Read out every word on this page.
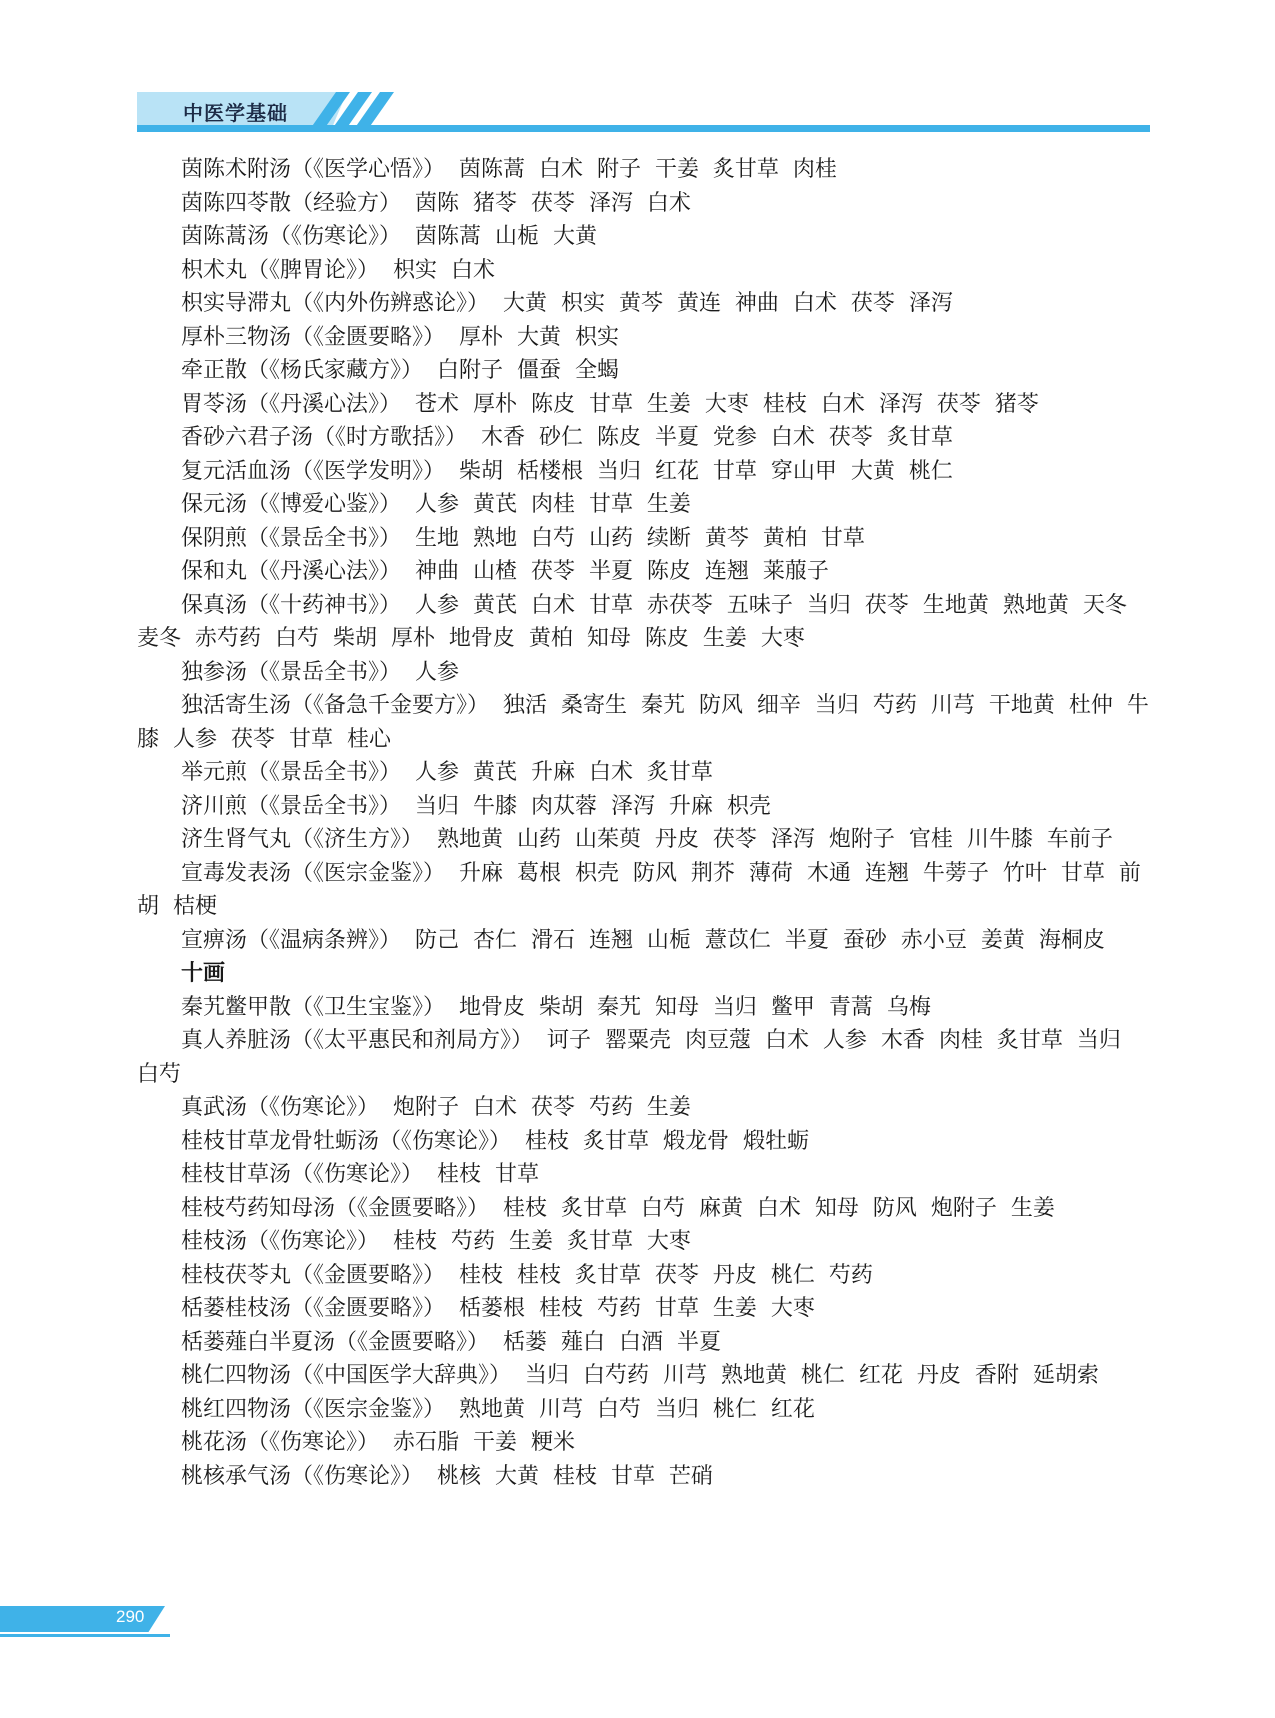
中医学基础

茵陈术附汤（《医学心悟》）  茵陈蒿  白术  附子  干姜  炙甘草  肉桂

茵陈四苓散（经验方）  茵陈  猪苓  茯苓  泽泻  白术

茵陈蒿汤（《伤寒论》）  茵陈蒿  山栀  大黄

枳术丸（《脾胃论》）  枳实  白术

枳实导滞丸（《内外伤辨惑论》）  大黄  枳实  黄芩  黄连  神曲  白术  茯苓  泽泻

厚朴三物汤（《金匮要略》）  厚朴  大黄  枳实

牵正散（《杨氏家藏方》）  白附子  僵蚕  全蝎

胃苓汤（《丹溪心法》）  苍术  厚朴  陈皮  甘草  生姜  大枣  桂枝  白术  泽泻  茯苓  猪苓

香砂六君子汤（《时方歌括》）  木香  砂仁  陈皮  半夏  党参  白术  茯苓  炙甘草

复元活血汤（《医学发明》）  柴胡  栝楼根  当归  红花  甘草  穿山甲  大黄  桃仁

保元汤（《博爱心鉴》）  人参  黄芪  肉桂  甘草  生姜

保阴煎（《景岳全书》）  生地  熟地  白芍  山药  续断  黄芩  黄柏  甘草

保和丸（《丹溪心法》）  神曲  山楂  茯苓  半夏  陈皮  连翘  莱菔子

保真汤（《十药神书》）  人参  黄芪  白术  甘草  赤茯苓  五味子  当归  茯苓  生地黄  熟地黄  天冬  麦冬  赤芍药  白芍  柴胡  厚朴  地骨皮  黄柏  知母  陈皮  生姜  大枣

独参汤（《景岳全书》）  人参

独活寄生汤（《备急千金要方》）  独活  桑寄生  秦艽  防风  细辛  当归  芍药  川芎  干地黄  杜仲  牛膝  人参  茯苓  甘草  桂心

举元煎（《景岳全书》）  人参  黄芪  升麻  白术  炙甘草

济川煎（《景岳全书》）  当归  牛膝  肉苁蓉  泽泻  升麻  枳壳

济生肾气丸（《济生方》）  熟地黄  山药  山茱萸  丹皮  茯苓  泽泻  炮附子  官桂  川牛膝  车前子

宣毒发表汤（《医宗金鉴》）  升麻  葛根  枳壳  防风  荆芥  薄荷  木通  连翘  牛蒡子  竹叶  甘草  前胡  桔梗

宣痹汤（《温病条辨》）  防己  杏仁  滑石  连翘  山栀  薏苡仁  半夏  蚕砂  赤小豆  姜黄  海桐皮

十画

秦艽鳖甲散（《卫生宝鉴》）  地骨皮  柴胡  秦艽  知母  当归  鳖甲  青蒿  乌梅

真人养脏汤（《太平惠民和剂局方》）  诃子  罂粟壳  肉豆蔻  白术  人参  木香  肉桂  炙甘草  当归  白芍

真武汤（《伤寒论》）  炮附子  白术  茯苓  芍药  生姜

桂枝甘草龙骨牡蛎汤（《伤寒论》）  桂枝  炙甘草  煅龙骨  煅牡蛎

桂枝甘草汤（《伤寒论》）  桂枝  甘草

桂枝芍药知母汤（《金匮要略》）  桂枝  炙甘草  白芍  麻黄  白术  知母  防风  炮附子  生姜

桂枝汤（《伤寒论》）  桂枝  芍药  生姜  炙甘草  大枣

桂枝茯苓丸（《金匮要略》）  桂枝  桂枝  炙甘草  茯苓  丹皮  桃仁  芍药

栝蒌桂枝汤（《金匮要略》）  栝蒌根  桂枝  芍药  甘草  生姜  大枣

栝蒌薤白半夏汤（《金匮要略》）  栝蒌  薤白  白酒  半夏

桃仁四物汤（《中国医学大辞典》）  当归  白芍药  川芎  熟地黄  桃仁  红花  丹皮  香附  延胡索

桃红四物汤（《医宗金鉴》）  熟地黄  川芎  白芍  当归  桃仁  红花

桃花汤（《伤寒论》）  赤石脂  干姜  粳米

桃核承气汤（《伤寒论》）  桃核  大黄  桂枝  甘草  芒硝

290
